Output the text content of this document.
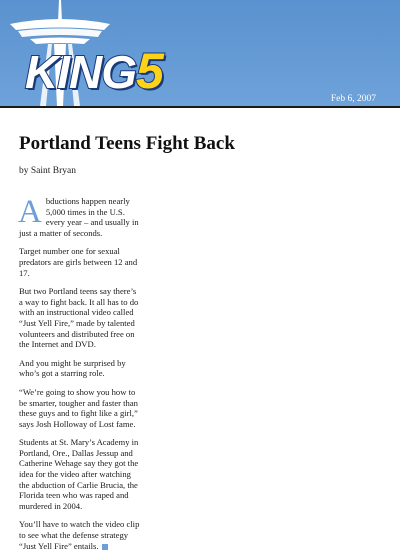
KING5	Feb 6, 2007
Portland Teens Fight Back
by Saint Bryan

Abductions happen nearly 5,000 times in the U.S. every year – and usually in just a matter of seconds.

Target number one for sexual predators are girls between 12 and 17.

But two Portland teens say there’s a way to fight back. It all has to do with an instructional video called “Just Yell Fire,” made by talented volunteers and distributed free on the Internet and DVD.

And you might be surprised by who’s got a starring role.

“We’re going to show you how to be smarter, tougher and faster than these guys and to fight like a girl,” says Josh Holloway of Lost fame.

Students at St. Mary’s Academy in Portland, Ore., Dallas Jessup and Catherine Wehage say they got the idea for the video after watching the abduction of Carlie Brucia, the Florida teen who was raped and murdered in 2004.

You’ll have to watch the video clip to see what the defense strategy “Just Yell Fire” entails.
